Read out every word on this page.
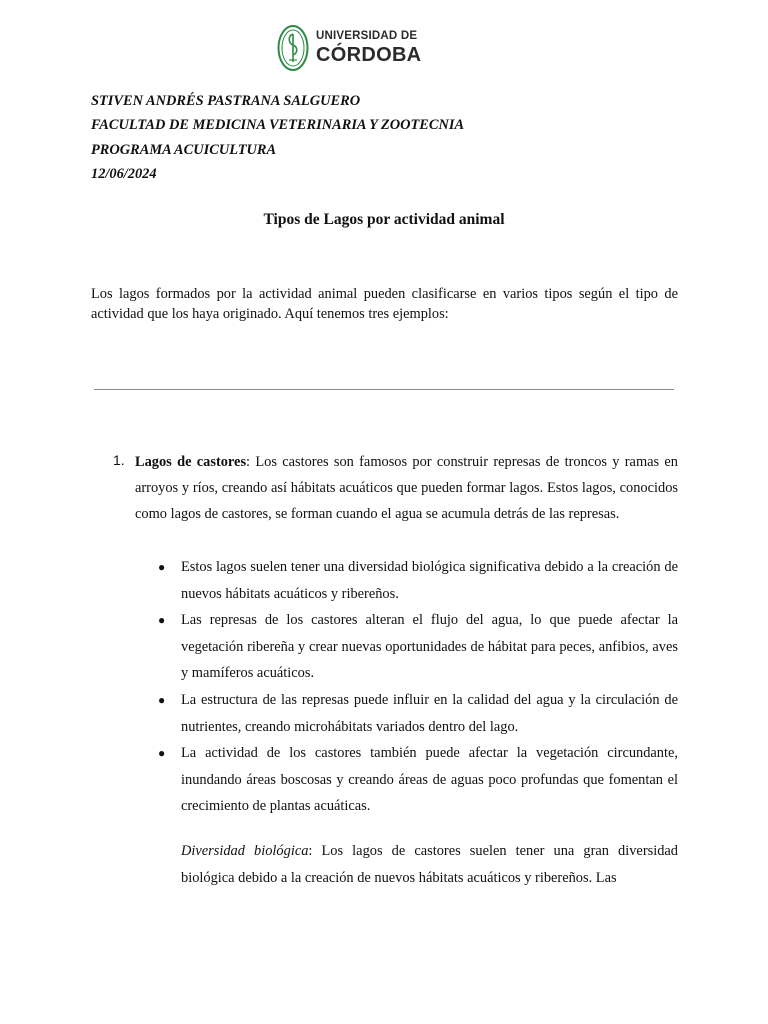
UNIVERSIDAD DE
CÓRDOBA
STIVEN ANDRÉS PASTRANA SALGUERO
FACULTAD DE MEDICINA VETERINARIA Y ZOOTECNIA
PROGRAMA ACUICULTURA
12/06/2024
Tipos de Lagos por actividad animal

Los lagos formados por la actividad animal pueden clasificarse en varios tipos según el tipo de actividad que los haya originado. Aquí tenemos tres ejemplos:

1. Lagos de castores: Los castores son famosos por construir represas de troncos y ramas en arroyos y ríos, creando así hábitats acuáticos que pueden formar lagos. Estos lagos, conocidos como lagos de castores, se forman cuando el agua se acumula detrás de las represas.

● Estos lagos suelen tener una diversidad biológica significativa debido a la creación de nuevos hábitats acuáticos y ribereños.
● Las represas de los castores alteran el flujo del agua, lo que puede afectar la vegetación ribereña y crear nuevas oportunidades de hábitat para peces, anfibios, aves y mamíferos acuáticos.
● La estructura de las represas puede influir en la calidad del agua y la circulación de nutrientes, creando microhábitats variados dentro del lago.
● La actividad de los castores también puede afectar la vegetación circundante, inundando áreas boscosas y creando áreas de aguas poco profundas que fomentan el crecimiento de plantas acuáticas.

Diversidad biológica: Los lagos de castores suelen tener una gran diversidad biológica debido a la creación de nuevos hábitats acuáticos y ribereños. Las
